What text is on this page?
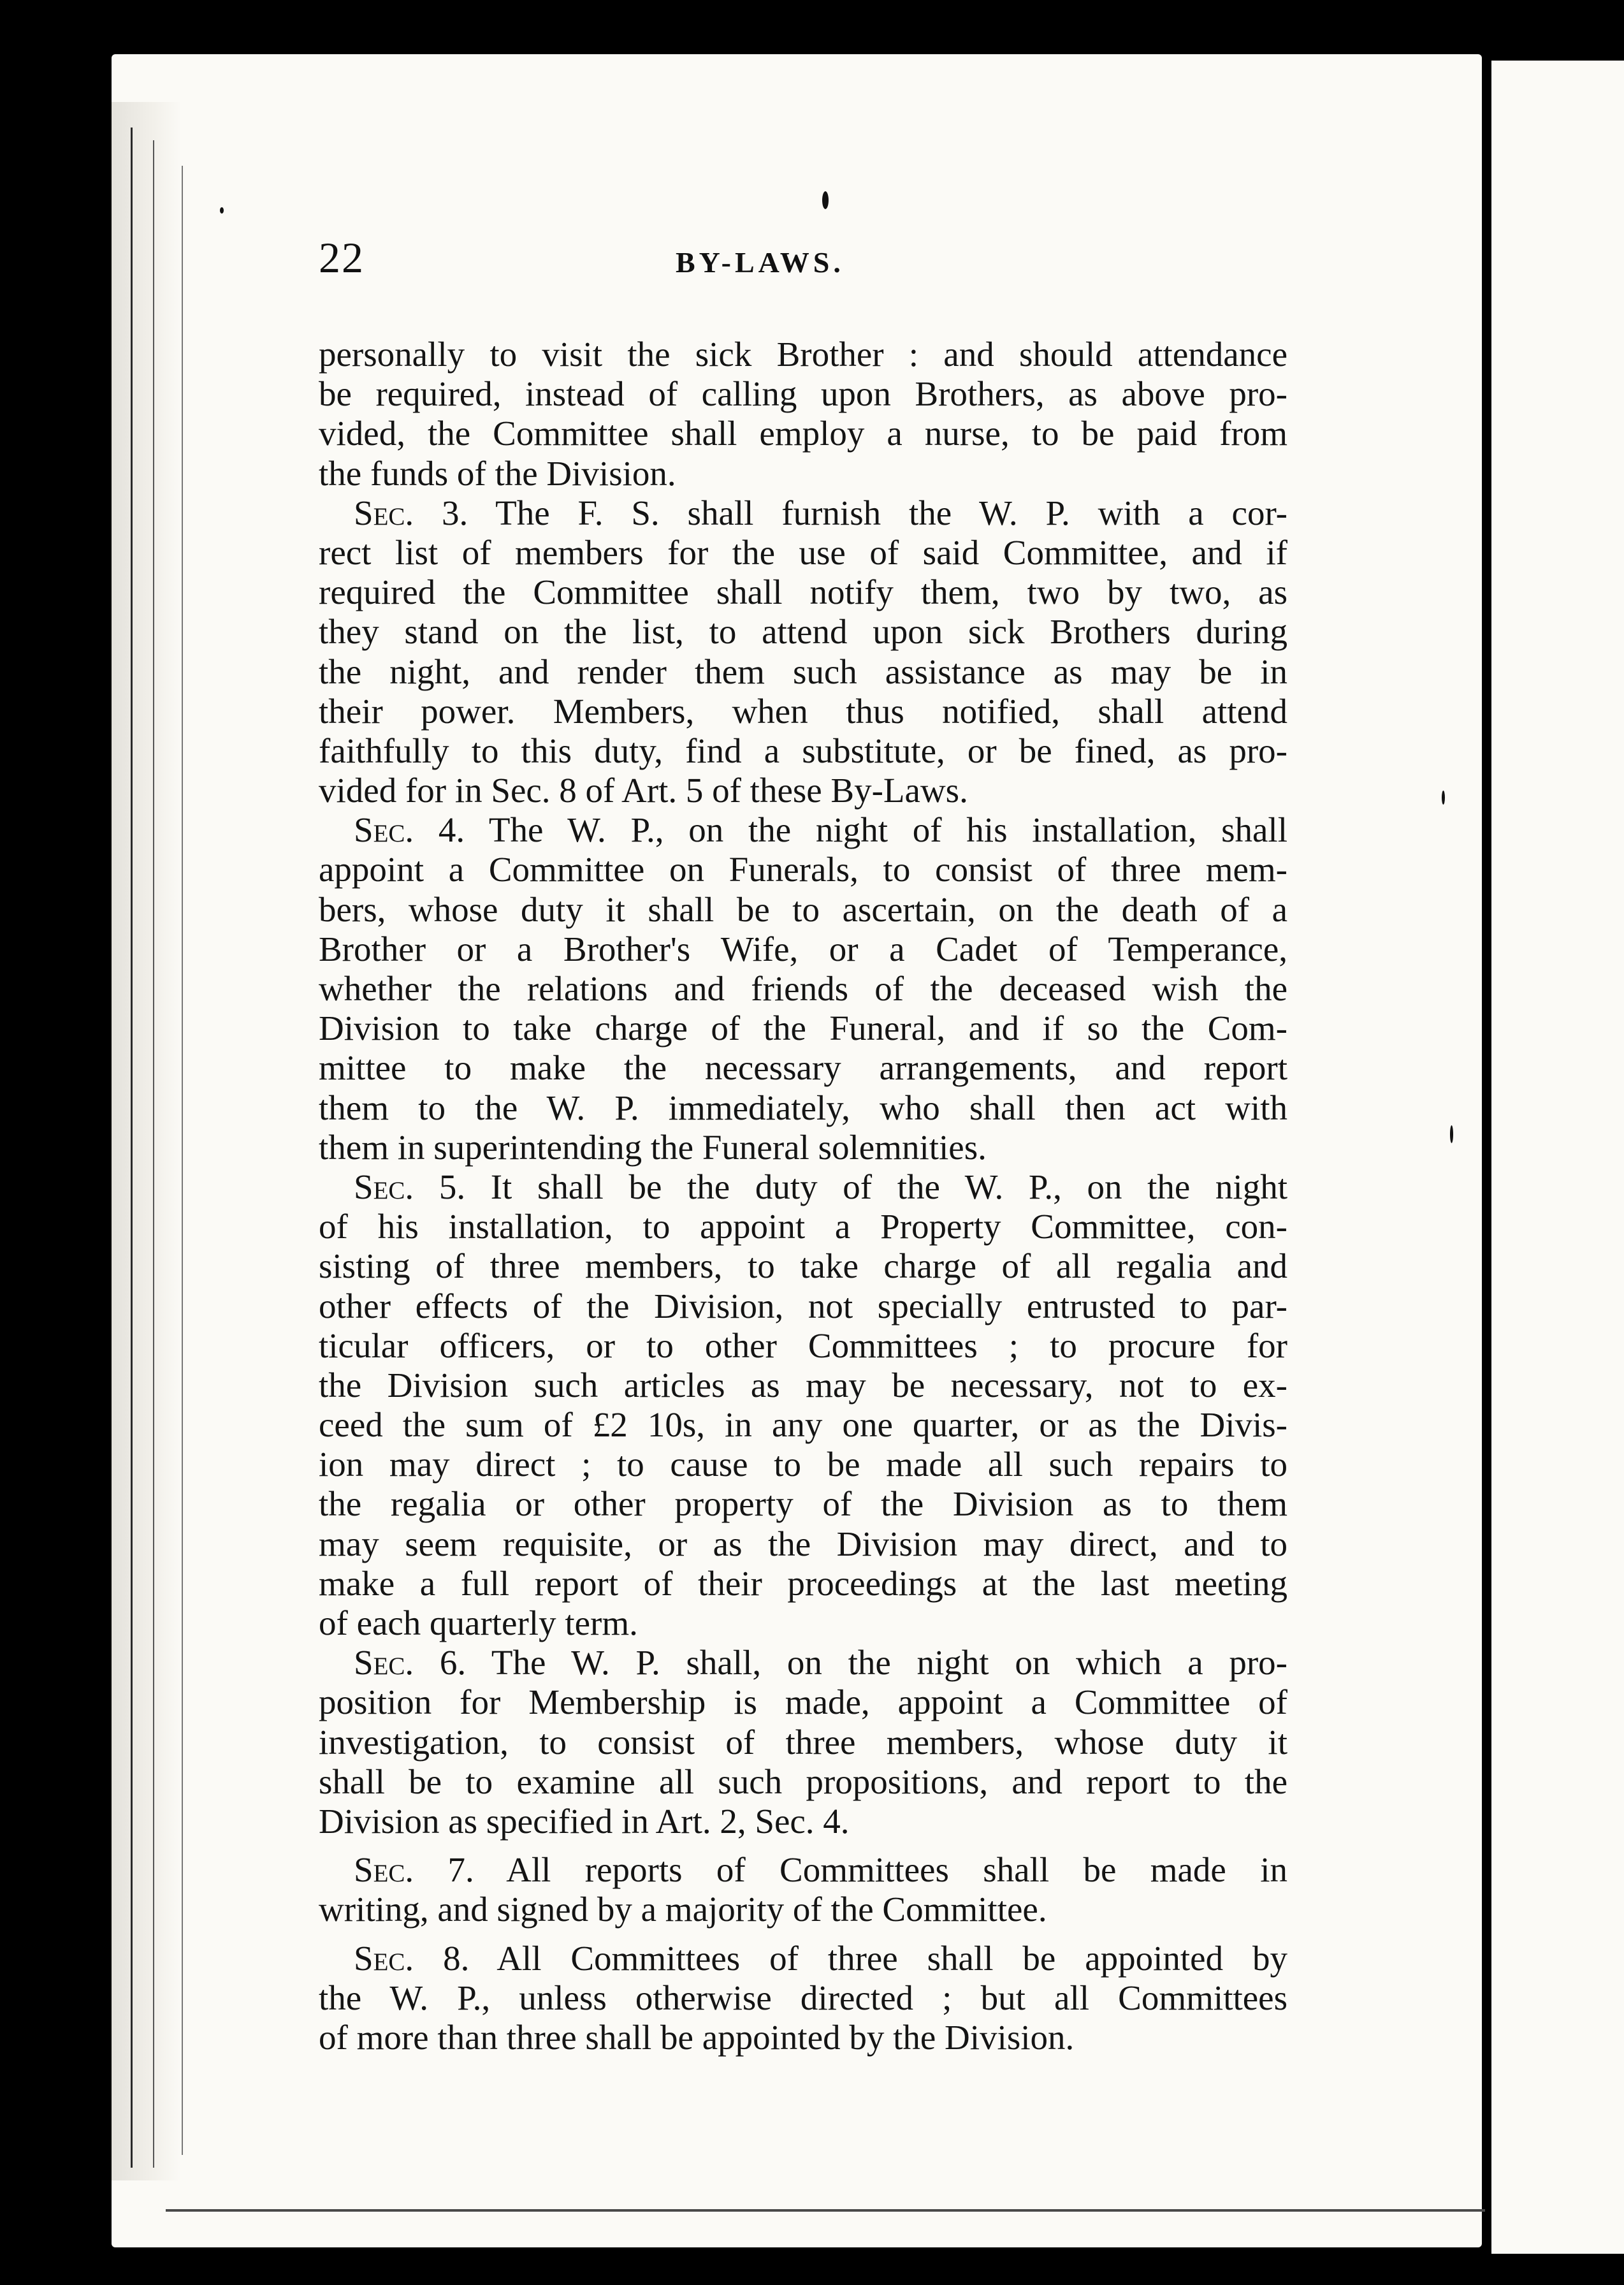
22	BY-LAWS.
personally to visit the sick Brother : and should attendance
be required, instead of calling upon Brothers, as above pro-
vided, the Committee shall employ a nurse, to be paid from
the funds of the Division.
 Sec. 3. The F. S. shall furnish the W. P. with a cor-
rect list of members for the use of said Committee, and if
required the Committee shall notify them, two by two, as
they stand on the list, to attend upon sick Brothers during
the night, and render them such assistance as may be in
their power. Members, when thus notified, shall attend
faithfully to this duty, find a substitute, or be fined, as pro-
vided for in Sec. 8 of Art. 5 of these By-Laws.
 Sec. 4. The W. P., on the night of his installation, shall
appoint a Committee on Funerals, to consist of three mem-
bers, whose duty it shall be to ascertain, on the death of a
Brother or a Brother's Wife, or a Cadet of Temperance,
whether the relations and friends of the deceased wish the
Division to take charge of the Funeral, and if so the Com-
mittee to make the necessary arrangements, and report
them to the W. P. immediately, who shall then act with
them in superintending the Funeral solemnities.
 Sec. 5. It shall be the duty of the W. P., on the night
of his installation, to appoint a Property Committee, con-
sisting of three members, to take charge of all regalia and
other effects of the Division, not specially entrusted to par-
ticular officers, or to other Committees ; to procure for
the Division such articles as may be necessary, not to ex-
ceed the sum of £2 10s, in any one quarter, or as the Divis-
ion may direct ; to cause to be made all such repairs to
the regalia or other property of the Division as to them
may seem requisite, or as the Division may direct, and to
make a full report of their proceedings at the last meeting
of each quarterly term.
 Sec. 6. The W. P. shall, on the night on which a pro-
position for Membership is made, appoint a Committee of
investigation, to consist of three members, whose duty it
shall be to examine all such propositions, and report to the
Division as specified in Art. 2, Sec. 4.
 Sec. 7. All reports of Committees shall be made in
writing, and signed by a majority of the Committee.
 Sec. 8. All Committees of three shall be appointed by
the W. P., unless otherwise directed ; but all Committees
of more than three shall be appointed by the Division.
